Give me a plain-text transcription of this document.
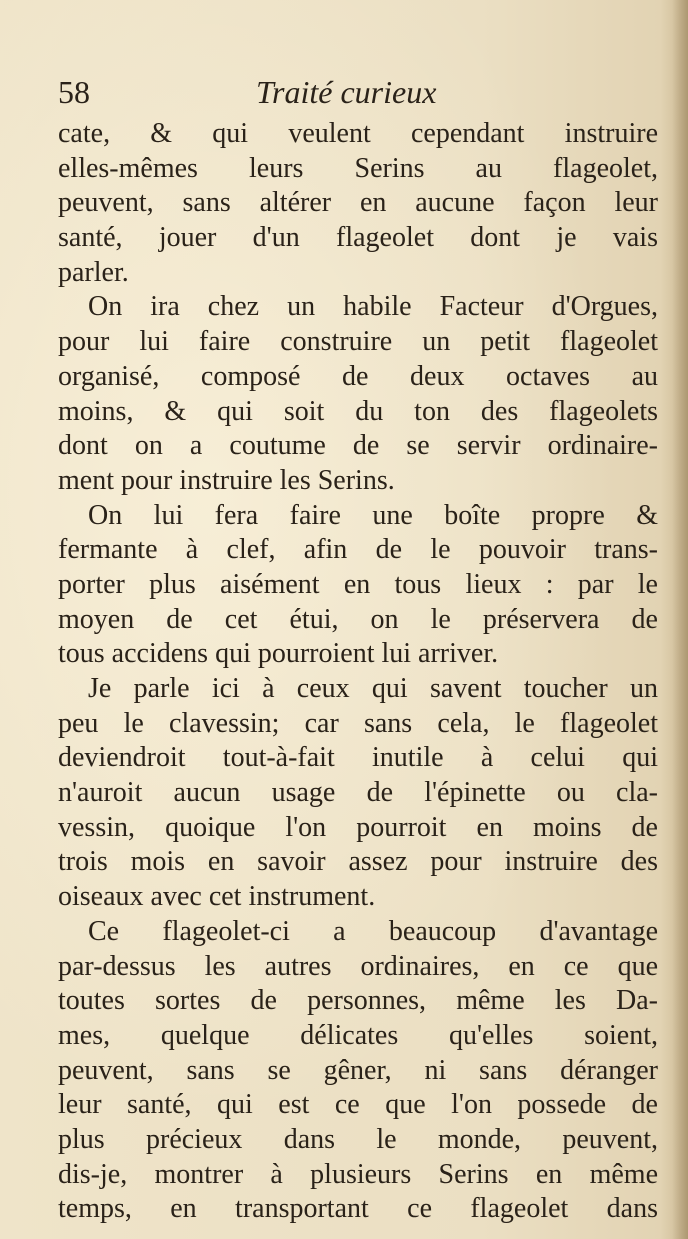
58	Traité curieux
cate, & qui veulent cependant instruire
elles-mêmes leurs Serins au flageolet,
peuvent, sans altérer en aucune façon leur
santé, jouer d'un flageolet dont je vais
parler.
On ira chez un habile Facteur d'Orgues,
pour lui faire construire un petit flageolet
organisé, composé de deux octaves au
moins, & qui soit du ton des flageolets
dont on a coutume de se servir ordinaire-
ment pour instruire les Serins.
On lui fera faire une boîte propre &
fermante à clef, afin de le pouvoir trans-
porter plus aisément en tous lieux : par le
moyen de cet étui, on le préservera de
tous accidens qui pourroient lui arriver.
Je parle ici à ceux qui savent toucher un
peu le clavessin; car sans cela, le flageolet
deviendroit tout-à-fait inutile à celui qui
n'auroit aucun usage de l'épinette ou cla-
vessin, quoique l'on pourroit en moins de
trois mois en savoir assez pour instruire des
oiseaux avec cet instrument.
Ce flageolet-ci a beaucoup d'avantage
par-dessus les autres ordinaires, en ce que
toutes sortes de personnes, même les Da-
mes, quelque délicates qu'elles soient,
peuvent, sans se gêner, ni sans déranger
leur santé, qui est ce que l'on possede de
plus précieux dans le monde, peuvent,
dis-je, montrer à plusieurs Serins en même
temps, en transportant ce flageolet dans
